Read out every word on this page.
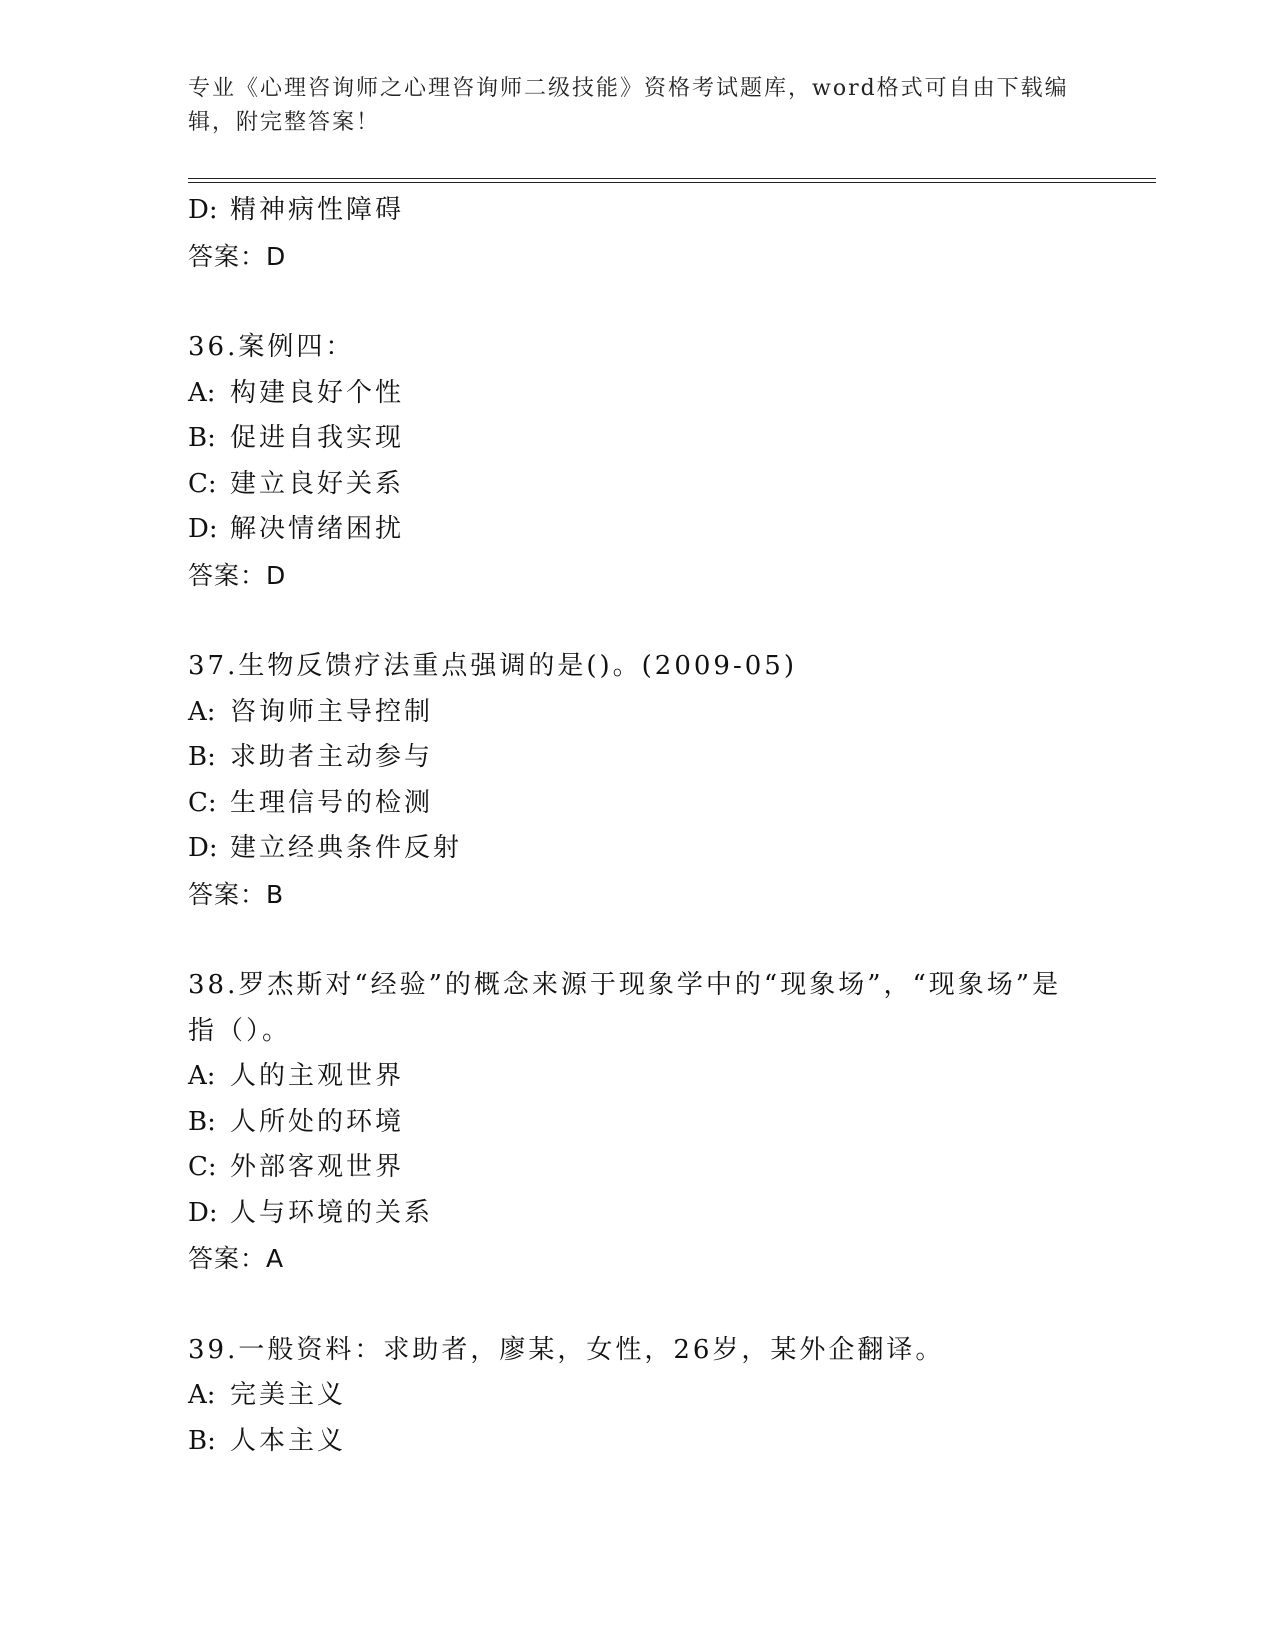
专业《心理咨询师之心理咨询师二级技能》资格考试题库，word格式可自由下载编辑，附完整答案！
D: 精神病性障碍
答案：D
36.案例四：
A: 构建良好个性
B: 促进自我实现
C: 建立良好关系
D: 解决情绪困扰
答案：D
37.生物反馈疗法重点强调的是()。(2009-05)
A: 咨询师主导控制
B: 求助者主动参与
C: 生理信号的检测
D: 建立经典条件反射
答案：B
38.罗杰斯对“经验”的概念来源于现象学中的“现象场”，“现象场”是指（）。
A: 人的主观世界
B: 人所处的环境
C: 外部客观世界
D: 人与环境的关系
答案：A
39.一般资料：求助者，廖某，女性，26岁，某外企翻译。
A: 完美主义
B: 人本主义
